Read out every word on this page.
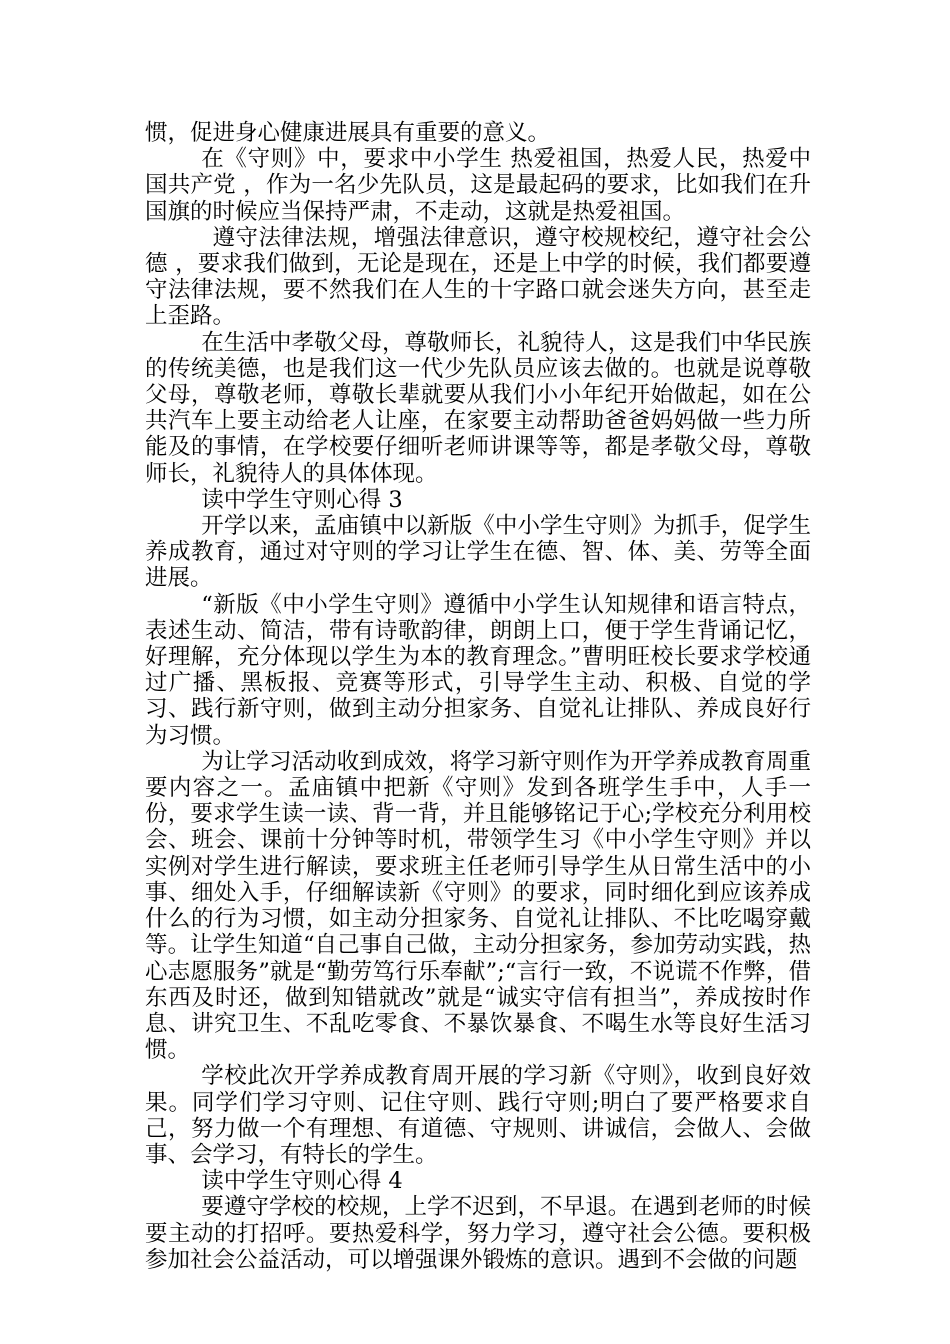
惯，促进身心健康进展具有重要的意义。

在《守则》中，要求中小学生 热爱祖国，热爱人民，热爱中国共产党 ，作为一名少先队员，这是最起码的要求，比如我们在升国旗的时候应当保持严肃，不走动，这就是热爱祖国。

遵守法律法规，增强法律意识，遵守校规校纪，遵守社会公德 ，要求我们做到，无论是现在，还是上中学的时候，我们都要遵守法律法规，要不然我们在人生的十字路口就会迷失方向，甚至走上歪路。

在生活中孝敬父母，尊敬师长，礼貌待人，这是我们中华民族的传统美德，也是我们这一代少先队员应该去做的。也就是说尊敬父母，尊敬老师，尊敬长辈就要从我们小小年纪开始做起，如在公共汽车上要主动给老人让座，在家要主动帮助爸爸妈妈做一些力所能及的事情，在学校要仔细听老师讲课等等，都是孝敬父母，尊敬师长，礼貌待人的具体体现。

读中学生守则心得 3

开学以来，孟庙镇中以新版《中小学生守则》为抓手，促学生养成教育，通过对守则的学习让学生在德、智、体、美、劳等全面进展。

“新版《中小学生守则》遵循中小学生认知规律和语言特点，表述生动、简洁，带有诗歌韵律，朗朗上口，便于学生背诵记忆，好理解，充分体现以学生为本的教育理念。”曹明旺校长要求学校通过广播、黑板报、竞赛等形式，引导学生主动、积极、自觉的学习、践行新守则，做到主动分担家务、自觉礼让排队、养成良好行为习惯。

为让学习活动收到成效，将学习新守则作为开学养成教育周重要内容之一。孟庙镇中把新《守则》发到各班学生手中，人手一份，要求学生读一读、背一背，并且能够铭记于心;学校充分利用校会、班会、课前十分钟等时机，带领学生习《中小学生守则》并以实例对学生进行解读，要求班主任老师引导学生从日常生活中的小事、细处入手，仔细解读新《守则》的要求，同时细化到应该养成什么的行为习惯，如主动分担家务、自觉礼让排队、不比吃喝穿戴等。让学生知道“自己事自己做，主动分担家务，参加劳动实践，热心志愿服务”就是“勤劳笃行乐奉献”;“言行一致，不说谎不作弊，借东西及时还，做到知错就改”就是“诚实守信有担当”，养成按时作息、讲究卫生、不乱吃零食、不暴饮暴食、不喝生水等良好生活习惯。

学校此次开学养成教育周开展的学习新《守则》，收到良好效果。同学们学习守则、记住守则、践行守则;明白了要严格要求自己，努力做一个有理想、有道德、守规则、讲诚信，会做人、会做事、会学习，有特长的学生。

读中学生守则心得 4

要遵守学校的校规，上学不迟到，不早退。在遇到老师的时候要主动的打招呼。要热爱科学，努力学习，遵守社会公德。要积极参加社会公益活动，可以增强课外锻炼的意识。遇到不会做的问题
